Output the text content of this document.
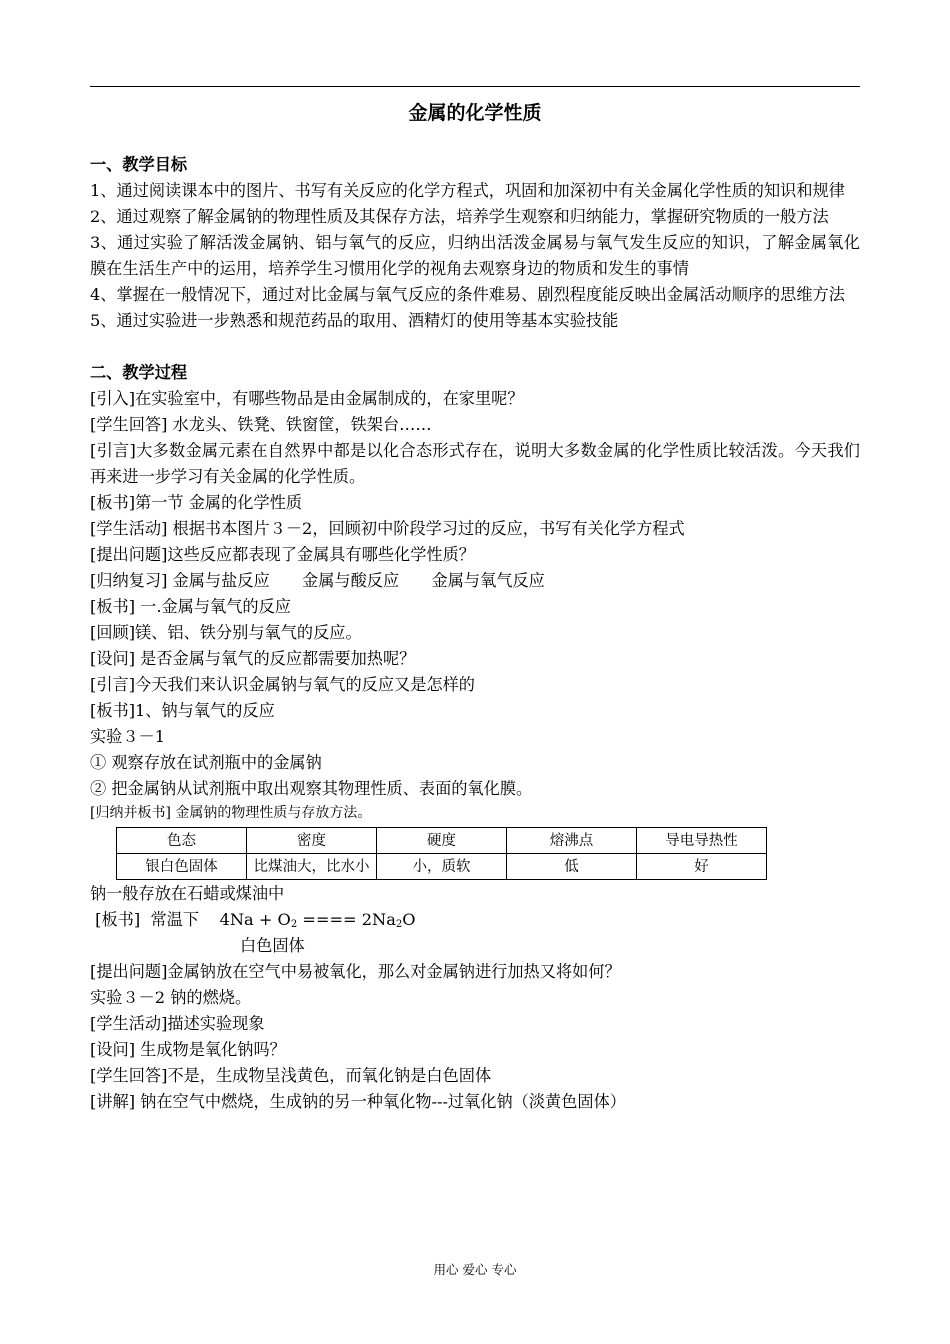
金属的化学性质
一、教学目标

1、通过阅读课本中的图片、书写有关反应的化学方程式，巩固和加深初中有关金属化学性质的知识和规律

2、通过观察了解金属钠的物理性质及其保存方法，培养学生观察和归纳能力，掌握研究物质的一般方法

3、通过实验了解活泼金属钠、铝与氧气的反应，归纳出活泼金属易与氧气发生反应的知识，了解金属氧化膜在生活生产中的运用，培养学生习惯用化学的视角去观察身边的物质和发生的事情

4、掌握在一般情况下，通过对比金属与氧气反应的条件难易、剧烈程度能反映出金属活动顺序的思维方法

5、通过实验进一步熟悉和规范药品的取用、酒精灯的使用等基本实验技能

二、教学过程

[引入]在实验室中，有哪些物品是由金属制成的，在家里呢？

[学生回答] 水龙头、铁凳、铁窗筐，铁架台……

[引言]大多数金属元素在自然界中都是以化合态形式存在，说明大多数金属的化学性质比较活泼。今天我们再来进一步学习有关金属的化学性质。

[板书]第一节 金属的化学性质

[学生活动] 根据书本图片３－2，回顾初中阶段学习过的反应，书写有关化学方程式

[提出问题]这些反应都表现了金属具有哪些化学性质？

[归纳复习] 金属与盐反应　　金属与酸反应　　金属与氧气反应

[板书] 一.金属与氧气的反应

[回顾]镁、铝、铁分别与氧气的反应。

[设问] 是否金属与氧气的反应都需要加热呢？

[引言]今天我们来认识金属钠与氧气的反应又是怎样的

[板书]1、钠与氧气的反应

实验３－1

① 观察存放在试剂瓶中的金属钠

② 把金属钠从试剂瓶中取出观察其物理性质、表面的氧化膜。

[归纳并板书] 金属钠的物理性质与存放方法。

色态	密度	硬度	熔沸点	导电导热性
银白色固体	比煤油大，比水小	小，质软	低	好

钠一般存放在石蜡或煤油中

[板书]  常温下    $4Na + O_2$ ==== $2Na_2O$

白色固体

[提出问题]金属钠放在空气中易被氧化，那么对金属钠进行加热又将如何？

实验３－2 钠的燃烧。

[学生活动]描述实验现象

[设问] 生成物是氧化钠吗？

[学生回答]不是，生成物呈浅黄色，而氧化钠是白色固体

[讲解] 钠在空气中燃烧，生成钠的另一种氧化物---过氧化钠（淡黄色固体）

用心 爱心 专心
